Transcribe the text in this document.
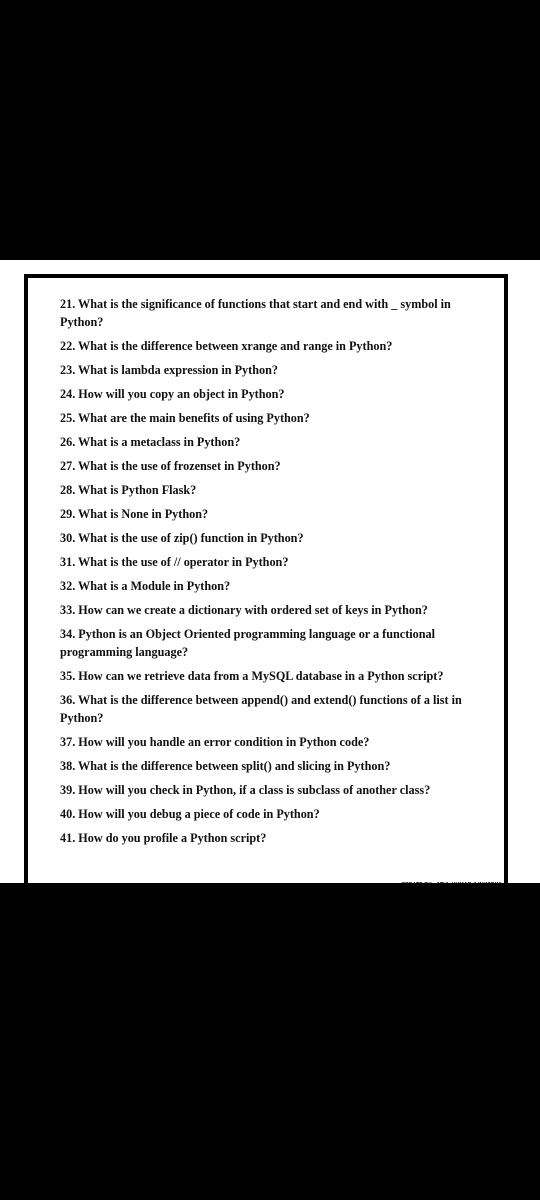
21. What is the significance of functions that start and end with _ symbol in Python?
22. What is the difference between xrange and range in Python?
23. What is lambda expression in Python?
24. How will you copy an object in Python?
25. What are the main benefits of using Python?
26. What is a metaclass in Python?
27. What is the use of frozenset in Python?
28. What is Python Flask?
29. What is None in Python?
30. What is the use of zip() function in Python?
31. What is the use of // operator in Python?
32. What is a Module in Python?
33. How can we create a dictionary with ordered set of keys in Python?
34. Python is an Object Oriented programming language or a functional programming language?
35. How can we retrieve data from a MySQL database in a Python script?
36. What is the difference between append() and extend() functions of a list in Python?
37. How will you handle an error condition in Python code?
38. What is the difference between split() and slicing in Python?
39. How will you check in Python, if a class is subclass of another class?
40. How will you debug a piece of code in Python?
41. How do you profile a Python script?
CREATE BY - ATUL KUMAR (LINKEDIN)
